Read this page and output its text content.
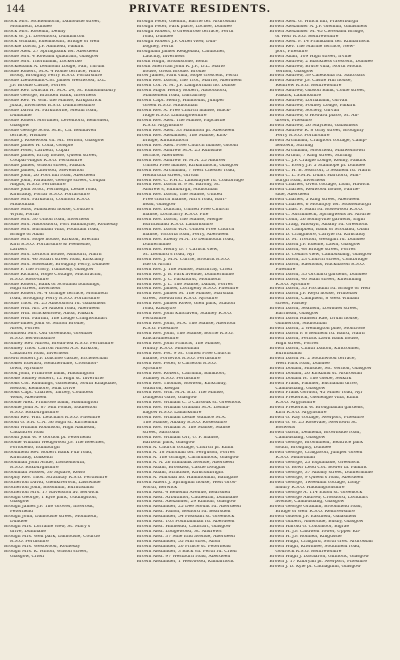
144	PRIVATE RESIDENTS.
Brock Mrs. McBlendorm, Dalhousie street,
Monifieth, Dundee
Brock Mrs. Rosehill, Denny
Brock W. J.T. Levenford, Dumbarton
Brock Wilham, Edenmount, Bridge of Weir
Brockie David, J.P. Annfield, Falkirk
Brodie Alex. 27 Springbank ter. Aberdeen
Brodie Mrs. 4 Rowand quadrant, Glasgow
Brodie Mrs. Thornbank, Lockerbie
Brocklebank A. Denholm Lodge, Fair, Thrum
Brodie Robert, M.A. 4 Rome terrace, Ward
Brody, Broughty Ferry B.S.O. Forfarshire
Brodie Lieutenant-Col. James Westwood, D.L.
J.P. Brodie Castle, Forres
Brodie Rev. Duncan H. M.A. 24, St. Edmundsbury
Brodie George, Bracken Bank, Inverness
Brodie Rev. W. Wm. the Manse, Kirkpatrick
Juxta, Inverness B.S.O. Dumfriesshire
Brodie David M. Parkthorne, Methil road,
Dunblane
Brodie Robert Mortimer, Levenford, Bearsden,
Glasgow
Brodie George Scott M.B., Ch. Bellhaven
terrace, Wishaw
Brodie J. Rosewood vil. Mt. Vernon, Glasgow
Brodie James W. Coila, Golspie
Brodie Peter, Carbeth, Cupar
Brodie James, Erray house, Queen street,
Coupar-Angus R.S.O. Perthshire
Brodie James, Wilson street, Falkirk
Brodie James, Linwood, Stevenston
Brodie John, 26 Foot hill road, Aberdeen
Brodie John, Paradise, George street, Coupar
Angus, R.S.O. Perthshire
Brodie John Scott, Fernleigh, Leslie road,
Kirkcaldy, Forfar R.S.O. Forfarshire
Brodie Mrs. Parkburn, Colinton R.S.O.
Midlothian
Brodie Miss, Mansfield house, Couttie's
Wynd, Forfar
Brodie Mrs. 30 Union road, Inverness
Brodie Mrs. Abbotsford, Port Bannatyne, Rothesay
Brodie Mrs. Burnham villa, Fountain road,
Bridge of Allan
Brodie Mrs. Hope house, Kirkton, Brechin
Kirn R.S.O. Forfarshire & Feelieslie,
Larbert
Brodie Mrs. Lettoch house, Ashburn, Nairn
Brodie Mrs. 46 Stuart street road, Kirkcaldy
Brodie Mrs. Rosedale, Broughty Ferry, Dundee
Brodie P. The Priory, Tullibody, Glasgow
Brodie Richard, Hope Cottage, Muchrachd,
R.S.O. Ross-shire
Brodie Robert, Bank of Scotland buildings,
High street, Inverness
Brodie Robert M. 4 Grange terrace, Monifieth
road, Broughty Ferry R.S.O. Forfarshire
Brodie Thos. M. 25 Abbotsford rd. Galashiels
Brodie Wm. Arr. 24 Aitken road, Aberdeen
Brodie Wm. Brackenview, Alloa, Falkirk
Brodie Wm. Fairhill, The Lodge Craiglockhart
Brodie-Innes John W. Milton Brodie,
Alves, Forres
Bromfield Mrs. Old Greendon, Grenlaw
R.S.O. Berwickshire
Bromley Rev. Alfred, Brean-lea R.S.O. Perthshire
Bromley Thos. Carron Alfred A.S. Kirkton,
Cadzhtrel road, Inverness
Brown Robert J.P. Dalchoe castle, Ecclefechan
Brookes Edward, Heatherdale, Crossmor-
town, Ayrshire
Brook John, Primrose bank, Haddington
Brooke Sidney Robert, 12 High st. Inverurie
Brooks Col. Ruddings, Gatehead, South Knapdale,
Reston, Kenmore, Milk Drive
Brooks Capt. Charles, Tarbey, Countess
Wells, Aberdeen
Broome Alex. Primrose bank, Haddington
Broome John A. 87 Mill Ponds, Eddleston
R.S.O. Roxburghshire
Broom Rev. Wm. Leuchars R.S.O. Fifeshire
Broom G. S.R. C.N. 36 High st. Kirriemuir
Broom William Robinson, High Aaknead,
Cadzhtrel road
Broom John W. 9 Gordon pl. Peterhead
Broome William Wedgwood J.P. The Beeches,
Portobello, Edinburgh
Broomfield Rev. Robert Bank Pub road,
Kirkcaldy, Dalkeith
Broomhall John Ackie, Lossiemouth,
R.S.O. Roxburghshire
Broomhall Misses, 30 Square, Kelso
Brophy Rev. Thos. Strathtay R.S.O. Perthshire
Brotherton David, Glenkiverock, Lasswade
Brotherton John, Bloomhill, Burntisland
Brotherton Mrs. 17 Ravelston av. Berwick
Brough George, 1 Kyle park, Uddingston,
Glasgow
Brough James J.P. The Groves, Inverosk,
Peterhead
Brough John, Dalhousie street, Monifieth,
Dundee
Brough Mrs. Lorraine view, St. Mary's
drive, Dunblane
Brough Mrs. Well park, Dalhousie, Courtie
R.S.O. Perthshire
Brough Mrs. Westwood, Rothesay
Brough Mrs. K. Hilton, Wilson street,
Glasgow, Crieff
Brough Peter, Glenifit, Barrie ter. Ardrossan
Brough Peter, Park place, Lochee, Dundee
Brough Robert, 6 Greenrose terrace, Perth
road, Dundee
Brough Robert J.P. Orbel view, Dun-
bogney, Perth
Brougham James Redgelald, Calubthel,
Lauchly, Inverness
Broun Hugh, Broadstone, Beith
Broun Sherrcan John R. J.P., D.L. Marie
house, Great Brodie. Brodie
Brow James, Park villa, Hope crescent, Perth
Brown Rev. David, The Trot, Marrie, Aberdeen
Brown Col. A. M. J.P. Langforman ho. Dunse
Brown Major Henry Robert, Abbotsford,
Mansefield road, Dalcairney
Brown Capt. Henry, Hillmount, Juniper
Green R.S.O. Midlothian
Brown Rev. A. Free Church manse, Black-
ridge R.S.O. Linlithgowshire
Brown Rev. Alex. The Manse, Papcastle
R.S.O. Argyllshire
Brown Rev. Alex. 33 Hamilton pl. Aberdeen
Brown Rev. Alexander, The Manse, Kirk-
bridge, Kirkintilloch
Brown Rev. Alex. Free Church manse, Gloom
Brown Rev. Andrew M.A. 25 Rubislaw
terrace, Aberdeen
Brown Rev. Andrew W. M.A. 25 Andrew
United Free manse, Kirkintilloch, Glasgow
Brown Rev. Archibald, 7 West Chester road,
Hendrutta street, Girvan
Brown Rev. C. F.H.C. Lindsfayne rd. Coatbridge
Brown Rev. David B. 9 M. Barony, St.
Andrew's, Edinburgh, Midlothian
Brown Rev. David, The Manse, United
Free church manse, Alti's road, Barr-
head, Glasgow
Brown Rev. Duncan, United Free Church
manse, Lochcarry R.S.O. Fife
Brown Rev. David, The Manse, Meigle
Burntisland R.S.O. Lanarkshire
Brown Rev. David W.A. United Free Church
manse, Victoria road, Perry, Aberdeen
Brown Rev. Ebeny M.A. 10 Denmouth road,
Dunfermline
Brown Rev. Henry D. 7 Carlick view,
St. Leonard's road, Ayr
Brown Rev. J. M.A. Currie, Brodick R.S.O.
Isle of Arran
Brown Rev. J. The Manse, Machrray, Crieff
Brown Rev. J. B. Park avenue, Dumfermline
Brown Rev. J. C. Parkhurst, Monifieth
Brown Rev. J. L. The Manse, Dallas, Forres
Brown Rev. James, Lochgelly R.S.O. Fifeshire
Brown Rev. James M. The Manse, Marshall
street, Stewarton R.S.O. Ayrshire
Brown Rev. James Rowe, Glen park, Station
road, Kilsaytre
Brown Rev. John Kinclaven, Stanley R.S.O.
Perthshire
Brown Rev. John, M.A. The Manse, Aberlour
R.S.O. Fifeshire
Brown Rev. John, The Manse, Borrie R.S.O.
Kincardineshire
Brown Rev. John Francis, The Manse,
Huntly R.S.O. Midlothian
Brown Rev. Pet. 9 St. United Free Church
manse, Forteviot R.S.O. Perthshire
Brown Rev. Peter, 6 Carleton R.S.O.
Ayrshire
Brown Rev. Robert, Cairnhill, Bankfoot,
Stanley R.S.O. Perthshire
Brown Rev. Thomas, Roswell, Kirkcaldy,
Waldron, Kesgar
Brown Rev. Wm. M.A. B.D. The Manse,
Dungeon Gate, Glasgow
Brown Rev. William C. 5 Carsouk st. Greenock
Brown Rev. William Graham M.A. Lesma-
hagow R.S.O. Lanarkshire
Brown Rev. William Leslie Wallace M.A.
The Manse, Albany R.S.O. Rosesshire
Brown Rev. William S. The Manse, Manse
street, Saltcoats
Brown Rev. William Orr, U. F. manse,
Barbour park, Glasgow
Brown A. Church cottage, Church pl. Killin
Brown A. 18 Marshall ter. Ferguson, Forres
Brown A. The Grange, Carmunnock, Glasgow
Brown A. A. 26 Elmbank avenue, Aberdeen
Brown Adam, Brooklea, Castle Douglas
Brown Adam, Strathsie, Kirkcudbright
Brown A. Marsaal ho. Hamiltonhill, Bathgate
Brown Albert J. Springhill house, West Gros-
worth, Berwick
Brown Alex. 4 Bellehill Avenue, Bearsden
Brown Alex. Arbuthnot, Cathedral, Dunblane
Brown Alex. Alexander, 29 Kilmuir, Glasgow
Brown Alexander, 25 Dee Mount rd. Aberdeen
Brown Alex. Fallon, Bedford rd. Bearsden
Brown Alexander, 54 Pleasant st. Greenock
Brown Alex. 103 Fountainhall rd. Aberdeen
Brown Alex. Hillheidd, Cathcart, Glasgow
Brown Alex. Lodgewood, St. Andrews
Brown Alex. 37 Mile End avenue, Aberdeen
Brown Alexander, 55 Mill stret, Alloa
Brown Alexander, 20 Prince st. Peterhead
Brown Alexander, 3 Back vil. Perth rd. Crieff
Brown Alex. 97 Westburn road, Aberdeen
Brown Alexander, 1 Westwood, Kilmarnock
Brown Alex. G. Winch hill, Fraserburgh
Brown Alexander A. J.P. Glenhill, Galashiels
Brown Alexander M. 45 Cleveland Bridge,
of Weir R.S.O. Renfrewshire
Brown Alex. F. 14 Frankland ter. Kilmarnock
Brown Rev. The Marine terrace, New-
port, Fifeshire
Brown Allan, 109 High street, Irvine
Brown Andrew, 2 Blackness crescent, Dundee
Brown Andrew, Bruce villa, North Mount
Vernon, Glasgow
Brown Andrew, 39 Caledonia rd. Saltcoats
Brown Andrew J.P. Castle Hill house,
Renfrew R.S.O. Renfrewshire
Brown Andrew, Gibson Bank, Collie street,
Falkirk, Lanarkshire
Brown Andrew, Lornabank, Girvan
Brown Andrew, Pouney Lodge, Falkirk
Brown Andrew, Society, Girvan
Brown Andrew, 6 Howard place, St. An-
drews, Fifeshire
Brown Andrew, 26 Mayfield, Galashiels
Brown Andrew R. 8 Gray street, Broughty
Ferry R.S.O. Forfarshire
Brown Archibald, Craigfoot cottage, Camp-
beltown, Stirling
Brown Archibald, Moorfield, Maxwelltown
Brown Arthur, 7 King street, Stirling
Brown C. J.P. Craigie Lodge, Kenny, Falkirk
Brown C. Every J.P. 5 Stanhope pl. Dundee
Brown C. H. B. Seacroft, 5 Seafield rd. Nairn
Brown C. L. P.M.R. Duart Hartford, Mar-
burgh road, Inverness
Brown Charles, Ovelt cottage, Loan, Hawick
Brown Charles, Redwood house, Fairlie-
side, Aberdeen
Brown Charles, 5 King street, Aberdeen
Brown Charles, 6 Mountjoy ter. Musselburgh
Brown Chas. P. Main rd. Rosewood R.S.O.
Brown C. Auchinleck, Springwells av. Airdrie
Brown Colin, 26 Bonnyville gardens, Elgin
Brown Craig, Rhoslyn, Albany rd. Greenock
Brown D. Campbell, Bank of Scotland, Oban
Brown D. Craigmore, Carlyle rd. Kirkcaldy
Brown D. M. Trettoh, Westgait rd. Dundee
Brown David J.P. Edenie, Lawn, Glasgow
Brown David, 48 Bridge street, Forres
Brown D. Cedars view, Cambuslang, Glasgow
Brown David, 23 Church street, Coatbridge
Brown David, Raeholds, Ruckhaven R.S.O.
Fifeshire
Brown David, 35 Orchard gardens, Dundee
Brown David, 40 Main street, Kilwinning
R.S.O. Ayrshire
Brown David, 35 Piccadilli rd. Bridge of Weir
Brown David J.P. Reyd house, Whitelaw
Brown David, Campbell, 8 West William
street, Paisley
Brown David, Seafield, Lowndes street,
Barrhead, Glasgow
Brown David Hansen Rae, Drum house,
Gillmerton, Midlothian
Brown David, 2 Wellington pine, Montrose
Brown David P. 8 Bellfield rd. Baird, Nairn
Brown David, Pettick Lawn Bank house,
High street, Forres
Brown David, Clinth Dalton, Kirkconnel,
Burntisland
Brown David M. 2 Southwood terrace,
West Park road, Dundee
Brown Donald, Hillside, Mt. Vernon, Glasgow
Brown Donald, 26 Kirkland st. Ardrossan
Brown Donald H. The Glebe, Selkirk
Brown Frank, Falnher, Buchanan drive,
Cambuslang, Glasgow
Brown Frank Gordon, 45 Miller road, Ayr
Brown Frederick, Gleneagle villa, Killin
R.S.O. Argyllshire
Brown Frederick W. Broughallan gardens,
Kirn R.S.O. Argyllshire
Brown G. Ray cottage, Newport, Fifeshire
Brown G. W. 25 Rosevale, Newtown St.
Boswells
Brown Gavin, Deanella, Brownside road,
Cambuslang, Glasgow
Brown George, Broomfield, Beatrice park
south, Broughty, Dundee
Brown George, Craigavon, Juniper Green
R.S.O. Midlothian
Brown George, 23 Esplanade, Greenock
Brown G. Bowr Leod Cot. Bower la. Falkirk
Brown George, 37 Albany street, Dunfermline
Brown George, 9 Queen's road, Aberdeen
Brown George, Tweedhill cottage, Long-
niddry R.S.O. Haddingtonshire
Brown George A. 114 Eldon st. Greenock
Brown George Andrew, Crossford, Lockhart
avenue, Cambuslang, Glasgow
Brown George Graham, Broomfield road,
Bridge of Weir R.S.O. Renfrewshire
Brown Gideon J.P. Eastfield, Galashiels
Brown Gilbert, Alderside, Busby, Glasgow
Brown Harold G. Coltsmoor, Bigrae
Brown H. J.P. Caldwell Tower, Upper Kil-
Brown H. J.P. Ronilea, Kingussie
Brown Hugh, Craigard, Sorth cres. Ardrossan
Brown Hugh, Kilwinlee, Southfield road,
Gourock R.S.O. Renfrewshire
Brown Hugh J. Davaaron, Giffnock, Glasgow
Brown J. 17 Kilbryan pl. Newport, Fifeshire
Brown J. D. Kyle pl. Cathaglinn, Glasgow
